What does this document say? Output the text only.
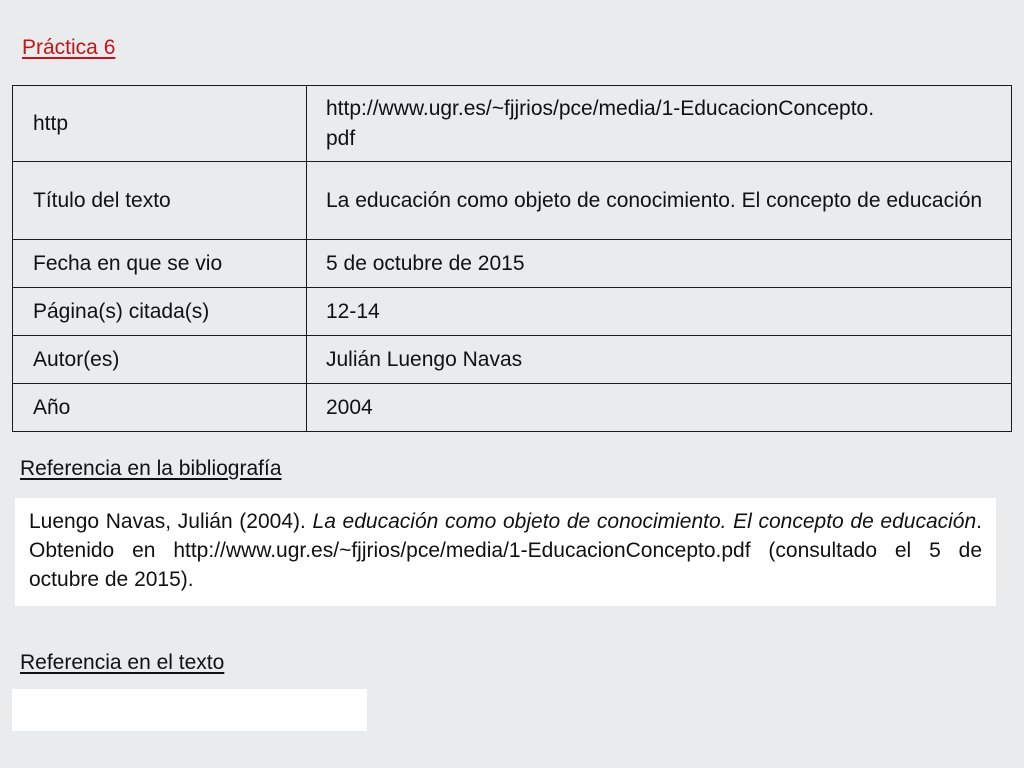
Práctica 6
http	http://www.ugr.es/~fjjrios/pce/media/1-EducacionConcepto.
pdf
Título del texto	La educación como objeto de conocimiento. El concepto de educación
Fecha en que se vio	5 de octubre de 2015
Página(s) citada(s)	12-14
Autor(es)	Julián Luengo Navas
Año	2004
Referencia en la bibliografía
Luengo Navas, Julián (2004). La educación como objeto de conocimiento. El concepto de educación. Obtenido en http://www.ugr.es/~fjjrios/pce/media/1-EducacionConcepto.pdf (consultado el 5 de octubre de 2015).
Referencia en el texto
